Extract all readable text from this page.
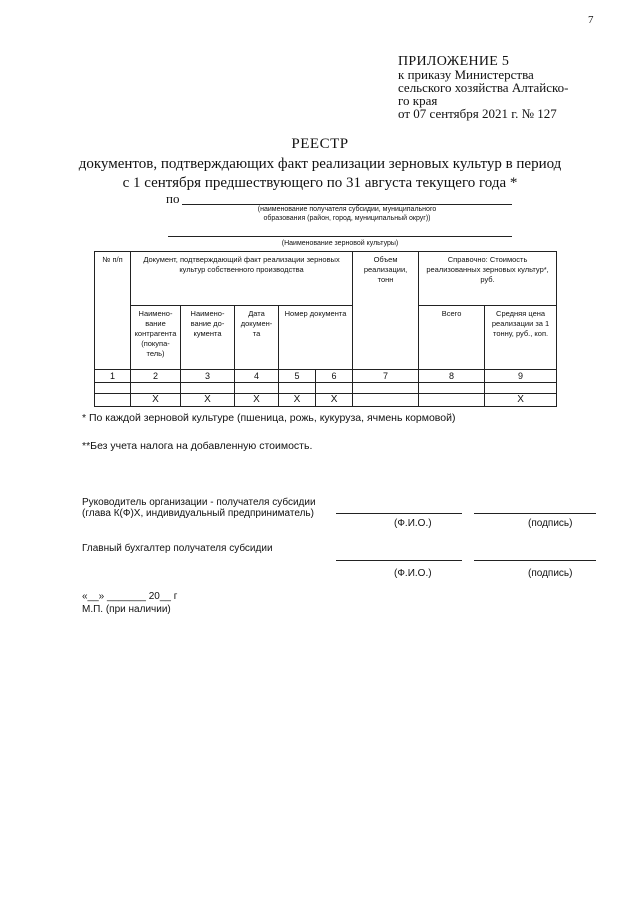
7
ПРИЛОЖЕНИЕ 5
к приказу Министерства
сельского хозяйства Алтайско-
го края
от 07 сентября 2021 г. № 127
РЕЕСТР
документов, подтверждающих факт реализации зерновых культур в период
с 1 сентября предшествующего по 31 августа текущего года *
по
(наименование получателя субсидии, муниципального
образования (район, город, муниципальный округ))
(Наименование зерновой культуры)
№ п/п	Документ, подтверждающий факт реализации зерновых культур собственного производства					Объем реализации, тонн	Справочно: Стоимость реализованных зерновых культур*, руб.	
	Наимено-вание контрагента (покупа-тель)	Наимено-вание до-кумента	Дата докумен-та	Номер документа			Всего	Средняя цена реализации за 1 тонну, руб., коп.
1	2	3	4	5	6	7	8	9

	X	X	X	X	X			X
* По каждой зерновой культуре (пшеница, рожь, кукуруза, ячмень кормовой)
**Без учета налога на добавленную стоимость.
Руководитель организации - получателя субсидии
(глава К(Ф)Х, индивидуальный предприниматель)
(Ф.И.О.)	(подпись)
Главный бухгалтер получателя субсидии
(Ф.И.О.)	(подпись)
«__» _______ 20__ г
М.П. (при наличии)
